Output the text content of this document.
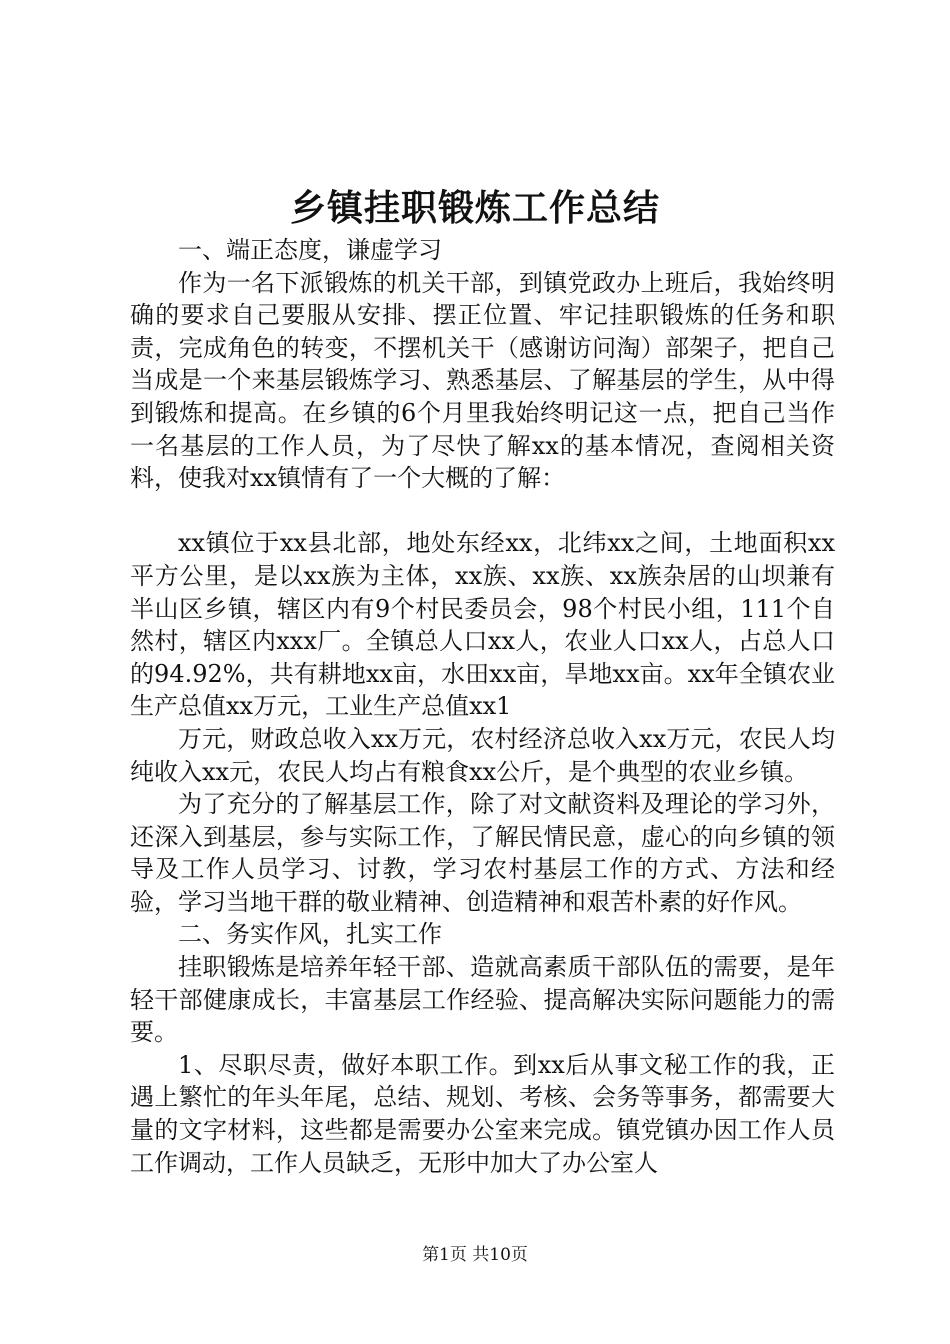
乡镇挂职锻炼工作总结

一、端正态度，谦虚学习

作为一名下派锻炼的机关干部，到镇党政办上班后，我始终明确的要求自己要服从安排、摆正位置、牢记挂职锻炼的任务和职责，完成角色的转变，不摆机关干（感谢访问淘）部架子，把自己当成是一个来基层锻炼学习、熟悉基层、了解基层的学生，从中得到锻炼和提高。在乡镇的6个月里我始终明记这一点，把自己当作一名基层的工作人员，为了尽快了解xx的基本情况，查阅相关资料，使我对xx镇情有了一个大概的了解：

xx镇位于xx县北部，地处东经xx，北纬xx之间，土地面积xx平方公里，是以xx族为主体，xx族、xx族、xx族杂居的山坝兼有半山区乡镇，辖区内有9个村民委员会，98个村民小组，111个自然村，辖区内xxx厂。全镇总人口xx人，农业人口xx人，占总人口的94.92%，共有耕地xx亩，水田xx亩，旱地xx亩。xx年全镇农业生产总值xx万元，工业生产总值xx1

万元，财政总收入xx万元，农村经济总收入xx万元，农民人均纯收入xx元，农民人均占有粮食xx公斤，是个典型的农业乡镇。

为了充分的了解基层工作，除了对文献资料及理论的学习外，还深入到基层，参与实际工作，了解民情民意，虚心的向乡镇的领导及工作人员学习、讨教，学习农村基层工作的方式、方法和经验，学习当地干群的敬业精神、创造精神和艰苦朴素的好作风。

二、务实作风，扎实工作

挂职锻炼是培养年轻干部、造就高素质干部队伍的需要，是年轻干部健康成长，丰富基层工作经验、提高解决实际问题能力的需要。

1、尽职尽责，做好本职工作。到xx后从事文秘工作的我，正遇上繁忙的年头年尾，总结、规划、考核、会务等事务，都需要大量的文字材料，这些都是需要办公室来完成。镇党镇办因工作人员工作调动，工作人员缺乏，无形中加大了办公室人

第1页 共10页
